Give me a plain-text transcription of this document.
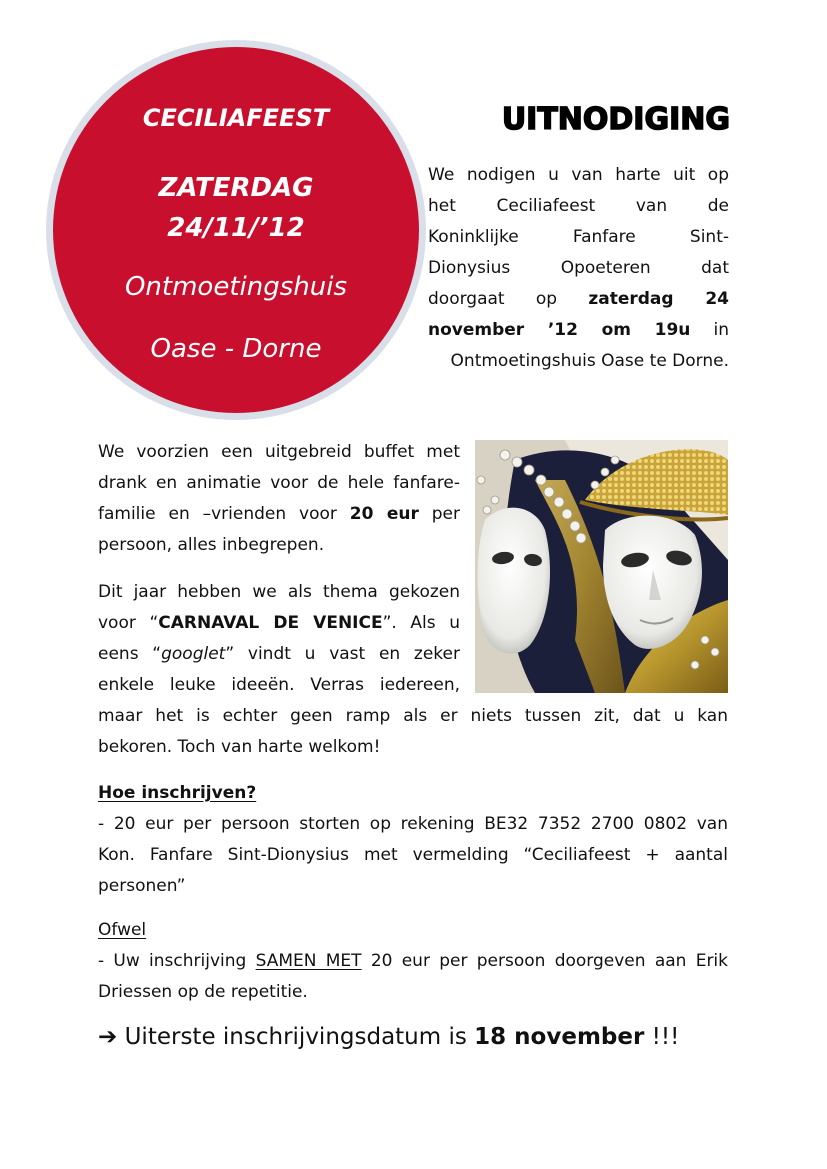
CECILIAFEEST
ZATERDAG
24/11/’12
Ontmoetingshuis
Oase - Dorne
UITNODIGING
We nodigen u van harte uit op
het Ceciliafeest van de
Koninklijke Fanfare Sint-
Dionysius Opoeteren dat
doorgaat op zaterdag 24
november ’12 om 19u in
Ontmoetingshuis Oase te Dorne.
We voorzien een uitgebreid buffet met
drank en animatie voor de hele fanfare-
familie en –vrienden voor 20 eur per
persoon, alles inbegrepen.
Dit jaar hebben we als thema gekozen
voor “CARNAVAL DE VENICE”. Als u
eens “googlet” vindt u vast en zeker
enkele leuke ideeën. Verras iedereen,
maar het is echter geen ramp als er niets tussen zit, dat u kan
bekoren. Toch van harte welkom!
Hoe inschrijven?
- 20 eur per persoon storten op rekening BE32 7352 2700 0802 van
Kon. Fanfare Sint-Dionysius met vermelding “Ceciliafeest + aantal
personen”
Ofwel
- Uw inschrijving SAMEN MET 20 eur per persoon doorgeven aan Erik
Driessen op de repetitie.
➔ Uiterste inschrijvingsdatum is 18 november !!!
